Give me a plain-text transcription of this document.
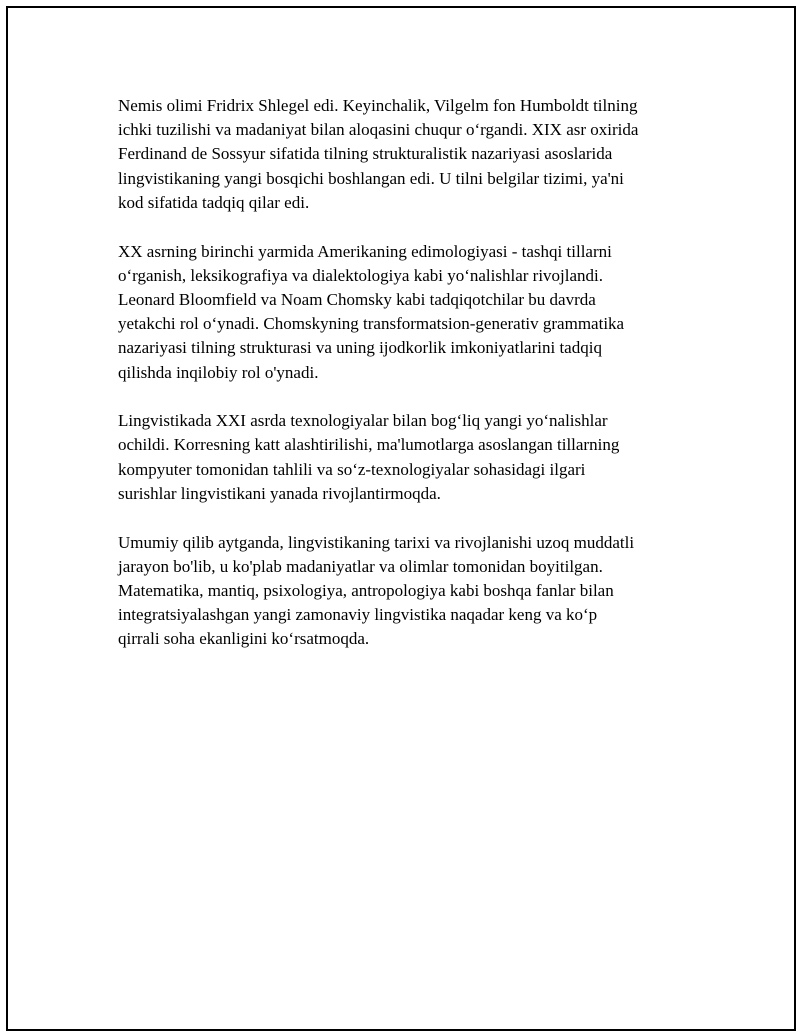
Nemis olimi Fridrix Shlegel edi. Keyinchalik, Vilgelm fon Humboldt tilning
ichki tuzilishi va madaniyat bilan aloqasini chuqur o‘rgandi. XIX asr oxirida
Ferdinand de Sossyur sifatida tilning strukturalistik nazariyasi asoslarida
lingvistikaning yangi bosqichi boshlangan edi. U tilni belgilar tizimi, ya'ni
kod sifatida tadqiq qilar edi.

XX asrning birinchi yarmida Amerikaning edimologiyasi - tashqi tillarni
o‘rganish, leksikografiya va dialektologiya kabi yo‘nalishlar rivojlandi.
Leonard Bloomfield va Noam Chomsky kabi tadqiqotchilar bu davrda
yetakchi rol o‘ynadi. Chomskyning transformatsion-generativ grammatika
nazariyasi tilning strukturasi va uning ijodkorlik imkoniyatlarini tadqiq
qilishda inqilobiy rol o'ynadi.

Lingvistikada XXI asrda texnologiyalar bilan bog‘liq yangi yo‘nalishlar
ochildi. Korresning katt alashtirilishi, ma'lumotlarga asoslangan tillarning
kompyuter tomonidan tahlili va so‘z-texnologiyalar sohasidagi ilgari
surishlar lingvistikani yanada rivojlantirmoqda.

Umumiy qilib aytganda, lingvistikaning tarixi va rivojlanishi uzoq muddatli
jarayon bo'lib, u ko'plab madaniyatlar va olimlar tomonidan boyitilgan.
Matematika, mantiq, psixologiya, antropologiya kabi boshqa fanlar bilan
integratsiyalashgan yangi zamonaviy lingvistika naqadar keng va ko‘p
qirrali soha ekanligini ko‘rsatmoqda.
